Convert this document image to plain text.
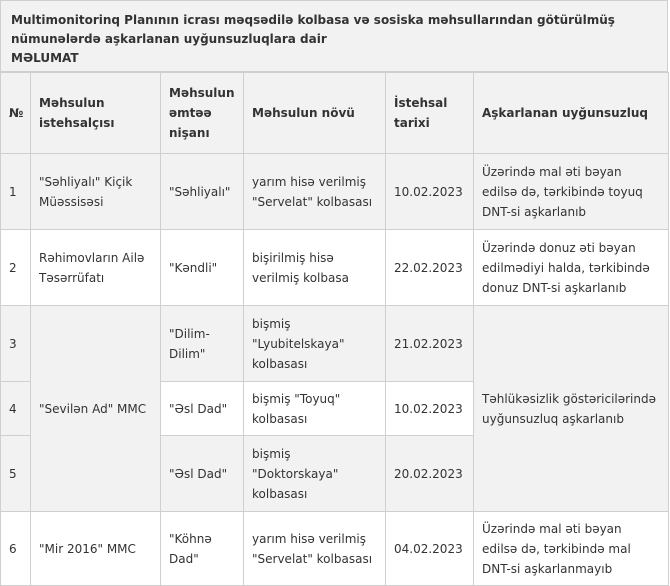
Multimonitorinq Planının icrası məqsədilə kolbasa və sosiska məhsullarından götürülmüş
nümunələrdə aşkarlanan uyğunsuzluqlara dair
MƏLUMAT
№	Məhsulun istehsalçısı	Məhsulun əmtəə nişanı	Məhsulun növü	İstehsal tarixi	Aşkarlanan uyğunsuzluq
1	"Səhliyalı" Kiçik Müəssisəsi	"Səhliyalı"	yarım hisə verilmiş "Servelat" kolbasası	10.02.2023	Üzərində mal əti bəyan edilsə də, tərkibində toyuq DNT-si aşkarlanıb
2	Rəhimovların Ailə Təsərrüfatı	"Kəndli"	bişirilmiş hisə verilmiş kolbasa	22.02.2023	Üzərində donuz əti bəyan edilmədiyi halda, tərkibində donuz DNT-si aşkarlanıb
3	"Sevilən Ad" MMC	"Dilim-Dilim"	bişmiş "Lyubitelskaya" kolbasası	21.02.2023	Təhlükəsizlik göstəricilərində uyğunsuzluq aşkarlanıb
4		"Əsl Dad"	bişmiş "Toyuq" kolbasası	10.02.2023	
5		"Əsl Dad"	bişmiş "Doktorskaya" kolbasası	20.02.2023	
6	"Mir 2016" MMC	"Köhnə Dad"	yarım hisə verilmiş "Servelat" kolbasası	04.02.2023	Üzərində mal əti bəyan edilsə də, tərkibində mal DNT-si aşkarlanmayıb
